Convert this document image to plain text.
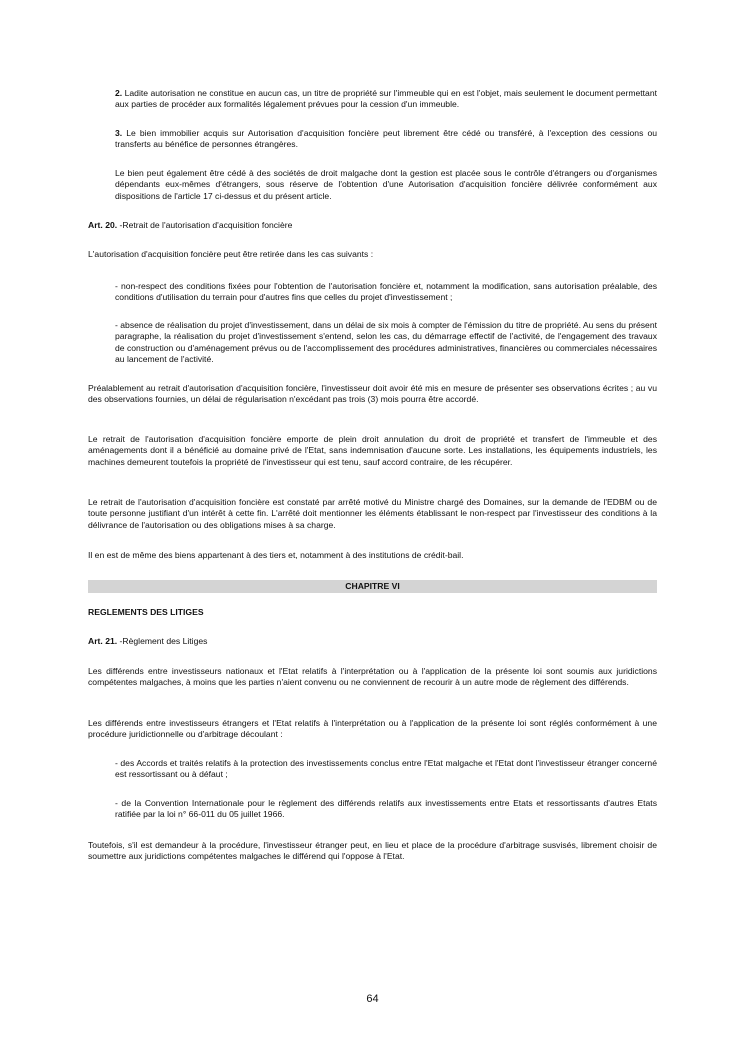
2. Ladite autorisation ne constitue en aucun cas, un titre de propriété sur l'immeuble qui en est l'objet, mais seulement le document permettant aux parties de procéder aux formalités légalement prévues pour la cession d'un immeuble.

3. Le bien immobilier acquis sur Autorisation d'acquisition foncière peut librement être cédé ou transféré, à l'exception des cessions ou transferts au bénéfice de personnes étrangères.

Le bien peut également être cédé à des sociétés de droit malgache dont la gestion est placée sous le contrôle d'étrangers ou d'organismes dépendants eux-mêmes d'étrangers, sous réserve de l'obtention d'une Autorisation d'acquisition foncière délivrée conformément aux dispositions de l'article 17 ci-dessus et du présent article.

Art. 20. -Retrait de l'autorisation d'acquisition foncière

L'autorisation d'acquisition foncière peut être retirée dans les cas suivants :

- non-respect des conditions fixées pour l'obtention de l'autorisation foncière et, notamment la modification, sans autorisation préalable, des conditions d'utilisation du terrain pour d'autres fins que celles du projet d'investissement ;

- absence de réalisation du projet d'investissement, dans un délai de six mois à compter de l'émission du titre de propriété. Au sens du présent paragraphe, la réalisation du projet d'investissement s'entend, selon les cas, du démarrage effectif de l'activité, de l'engagement des travaux de construction ou d'aménagement prévus ou de l'accomplissement des procédures administratives, financières ou commerciales nécessaires au lancement de l'activité.

Préalablement au retrait d'autorisation d'acquisition foncière, l'investisseur doit avoir été mis en mesure de présenter ses observations écrites ; au vu des observations fournies, un délai de régularisation n'excédant pas trois (3) mois pourra être accordé.

Le retrait de l'autorisation d'acquisition foncière emporte de plein droit annulation du droit de propriété et transfert de l'immeuble et des aménagements dont il a bénéficié au domaine privé de l'Etat, sans indemnisation d'aucune sorte. Les installations, les équipements industriels, les machines demeurent toutefois la propriété de l'investisseur qui est tenu, sauf accord contraire, de les récupérer.

Le retrait de l'autorisation d'acquisition foncière est constaté par arrêté motivé du Ministre chargé des Domaines, sur la demande de l'EDBM ou de toute personne justifiant d'un intérêt à cette fin. L'arrêté doit mentionner les éléments établissant le non-respect par l'investisseur des conditions à la délivrance de l'autorisation ou des obligations mises à sa charge.

Il en est de même des biens appartenant à des tiers et, notamment à des institutions de crédit-bail.

CHAPITRE VI

REGLEMENTS DES LITIGES

Art. 21. -Règlement des Litiges

Les différends entre investisseurs nationaux et l'Etat relatifs à l'interprétation ou à l'application de la présente loi sont soumis aux juridictions compétentes malgaches, à moins que les parties n'aient convenu ou ne conviennent de recourir à un autre mode de règlement des différends.

Les différends entre investisseurs étrangers et l'Etat relatifs à l'interprétation ou à l'application de la présente loi sont réglés conformément à une procédure juridictionnelle ou d'arbitrage découlant :

- des Accords et traités relatifs à la protection des investissements conclus entre l'Etat malgache et l'Etat dont l'investisseur étranger concerné est ressortissant ou à défaut ;

- de la Convention Internationale pour le règlement des différends relatifs aux investissements entre Etats et ressortissants d'autres Etats ratifiée par la loi n° 66-011 du 05 juillet 1966.

Toutefois, s'il est demandeur à la procédure, l'investisseur étranger peut, en lieu et place de la procédure d'arbitrage susvisés, librement choisir de soumettre aux juridictions compétentes malgaches le différend qui l'oppose à l'Etat.

64
